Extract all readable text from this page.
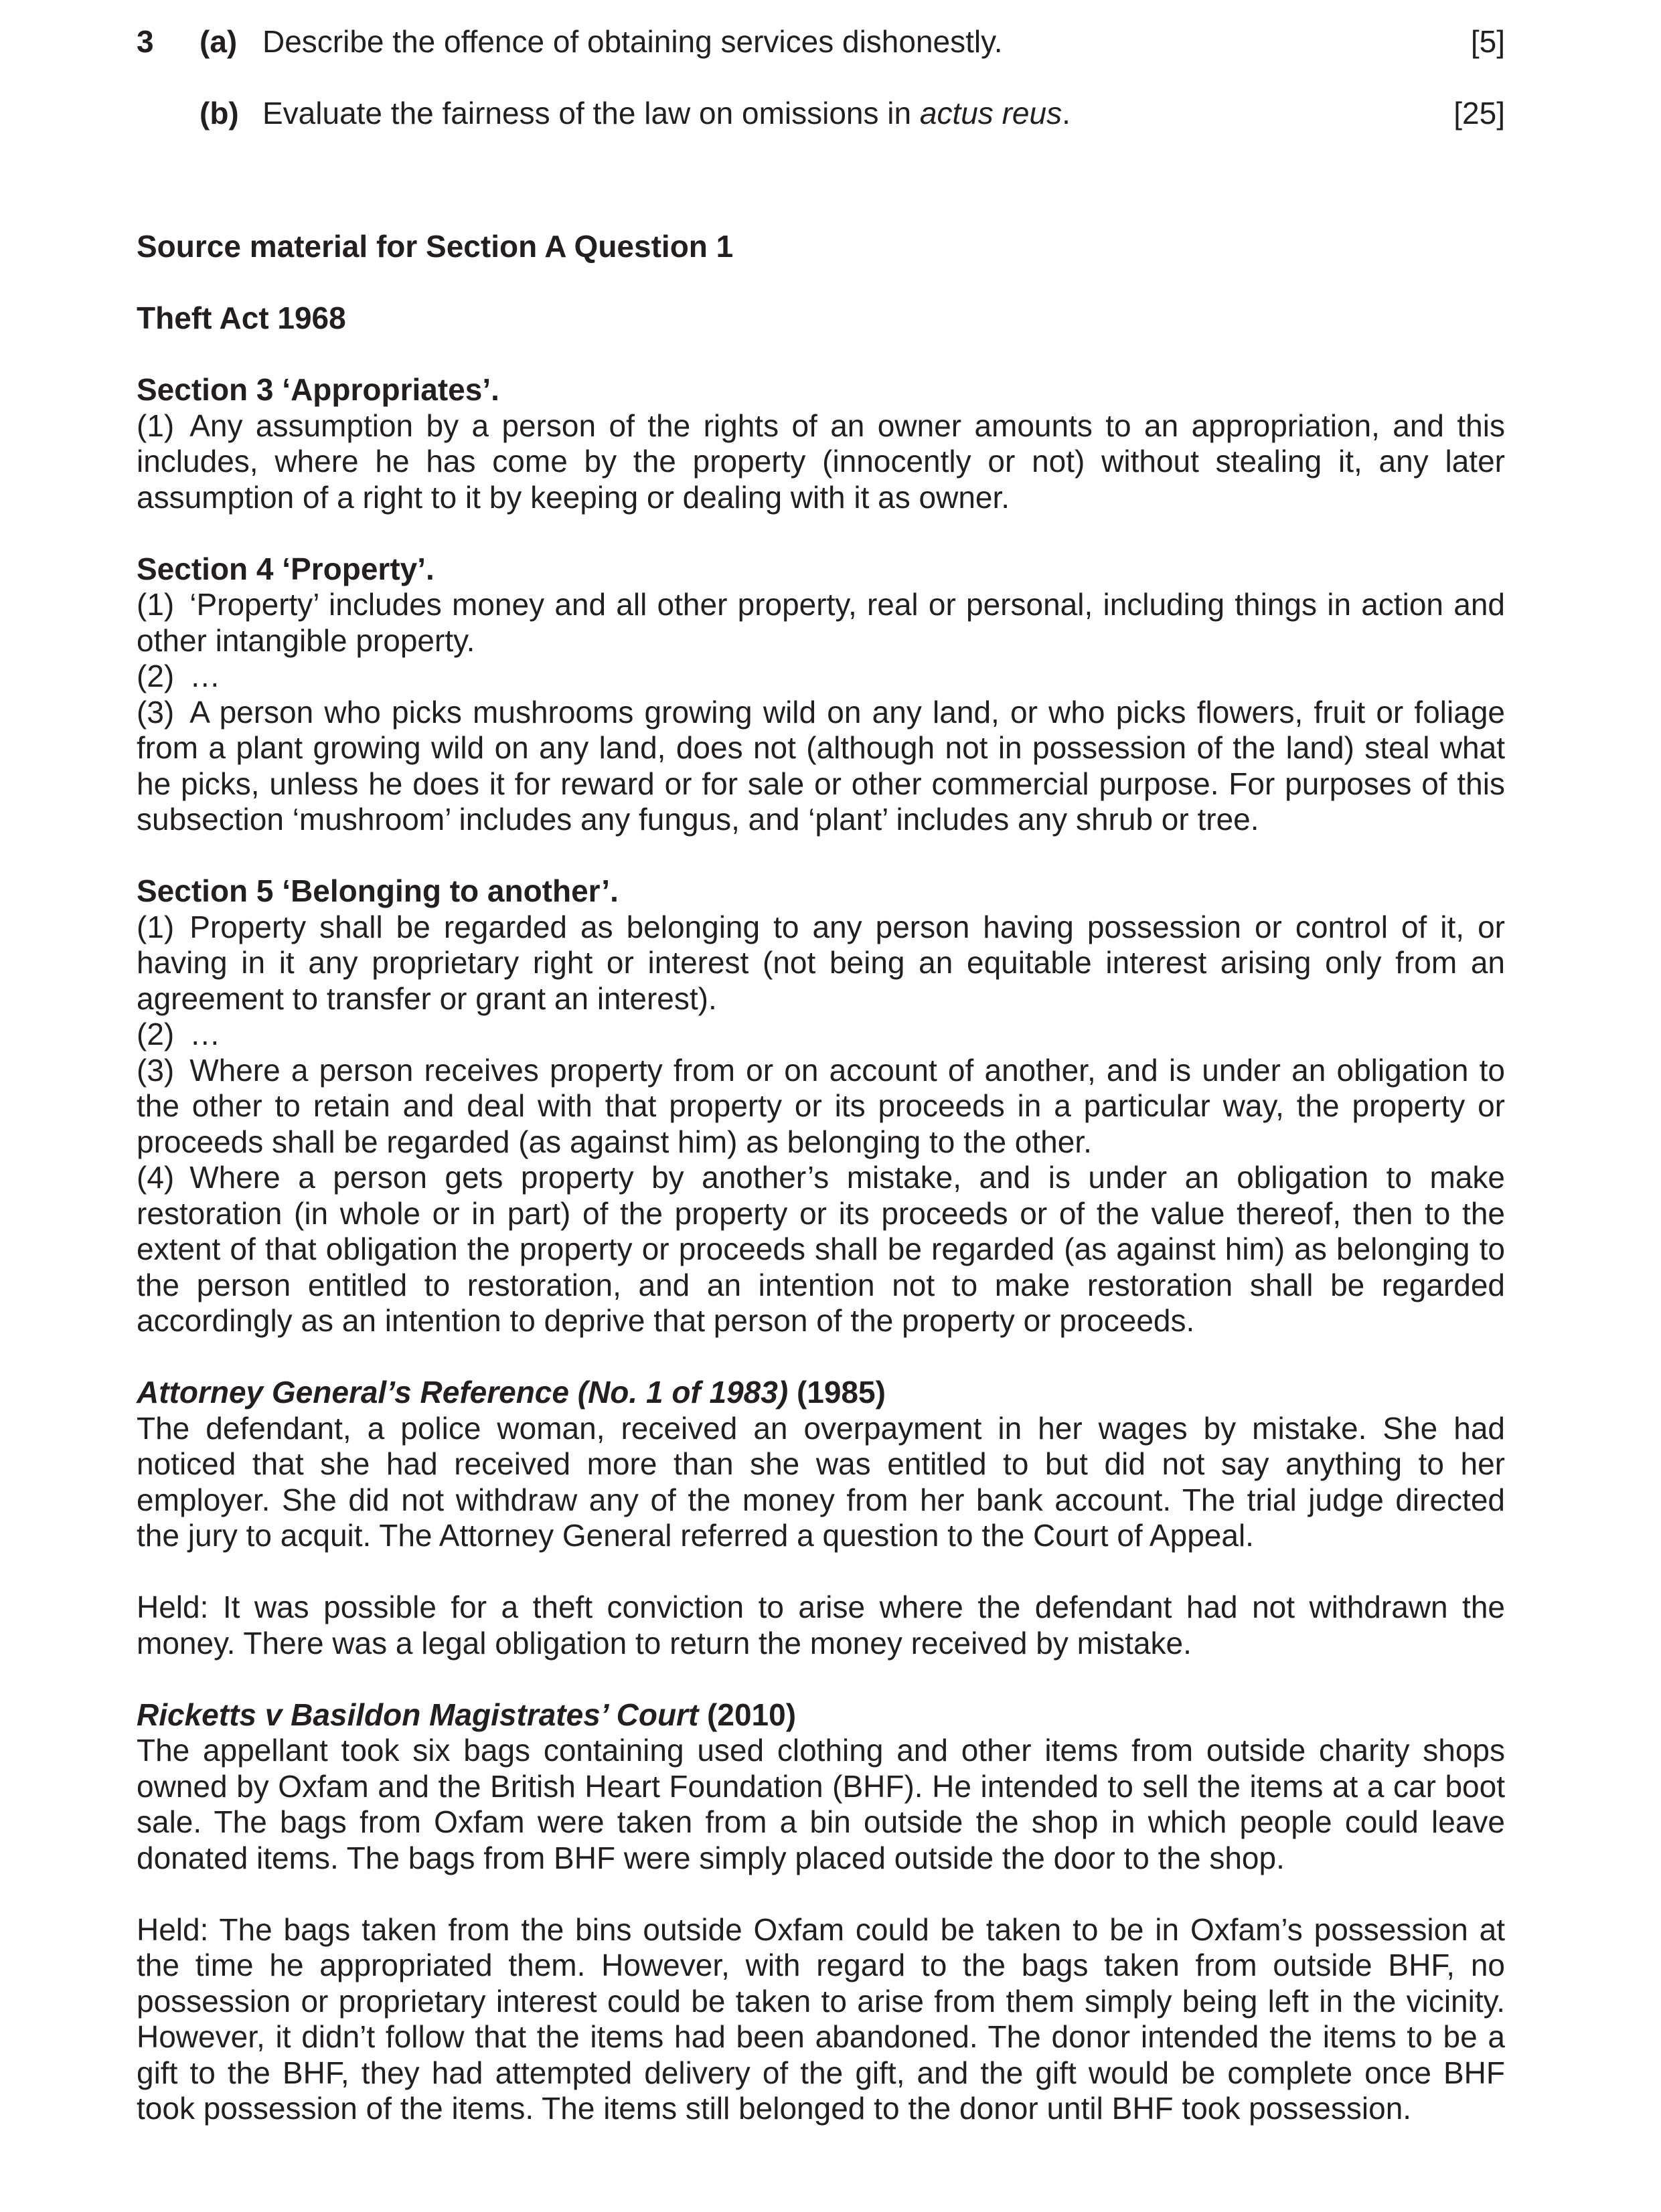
3 (a) Describe the offence of obtaining services dishonestly.	[5]
(b) Evaluate the fairness of the law on omissions in actus reus.	[25]
Source material for Section A Question 1
Theft Act 1968
Section 3 ‘Appropriates’.
(1) Any assumption by a person of the rights of an owner amounts to an appropriation, and this includes, where he has come by the property (innocently or not) without stealing it, any later assumption of a right to it by keeping or dealing with it as owner.
Section 4 ‘Property’.
(1) ‘Property’ includes money and all other property, real or personal, including things in action and other intangible property.
(2) …
(3) A person who picks mushrooms growing wild on any land, or who picks flowers, fruit or foliage from a plant growing wild on any land, does not (although not in possession of the land) steal what he picks, unless he does it for reward or for sale or other commercial purpose. For purposes of this subsection ‘mushroom’ includes any fungus, and ‘plant’ includes any shrub or tree.
Section 5 ‘Belonging to another’.
(1) Property shall be regarded as belonging to any person having possession or control of it, or having in it any proprietary right or interest (not being an equitable interest arising only from an agreement to transfer or grant an interest).
(2) …
(3) Where a person receives property from or on account of another, and is under an obligation to the other to retain and deal with that property or its proceeds in a particular way, the property or proceeds shall be regarded (as against him) as belonging to the other.
(4) Where a person gets property by another’s mistake, and is under an obligation to make restoration (in whole or in part) of the property or its proceeds or of the value thereof, then to the extent of that obligation the property or proceeds shall be regarded (as against him) as belonging to the person entitled to restoration, and an intention not to make restoration shall be regarded accordingly as an intention to deprive that person of the property or proceeds.
Attorney General’s Reference (No. 1 of 1983) (1985)
The defendant, a police woman, received an overpayment in her wages by mistake. She had noticed that she had received more than she was entitled to but did not say anything to her employer. She did not withdraw any of the money from her bank account. The trial judge directed the jury to acquit. The Attorney General referred a question to the Court of Appeal.
Held: It was possible for a theft conviction to arise where the defendant had not withdrawn the money. There was a legal obligation to return the money received by mistake.
Ricketts v Basildon Magistrates’ Court (2010)
The appellant took six bags containing used clothing and other items from outside charity shops owned by Oxfam and the British Heart Foundation (BHF). He intended to sell the items at a car boot sale. The bags from Oxfam were taken from a bin outside the shop in which people could leave donated items. The bags from BHF were simply placed outside the door to the shop.
Held: The bags taken from the bins outside Oxfam could be taken to be in Oxfam’s possession at the time he appropriated them. However, with regard to the bags taken from outside BHF, no possession or proprietary interest could be taken to arise from them simply being left in the vicinity. However, it didn’t follow that the items had been abandoned. The donor intended the items to be a gift to the BHF, they had attempted delivery of the gift, and the gift would be complete once BHF took possession of the items. The items still belonged to the donor until BHF took possession.
